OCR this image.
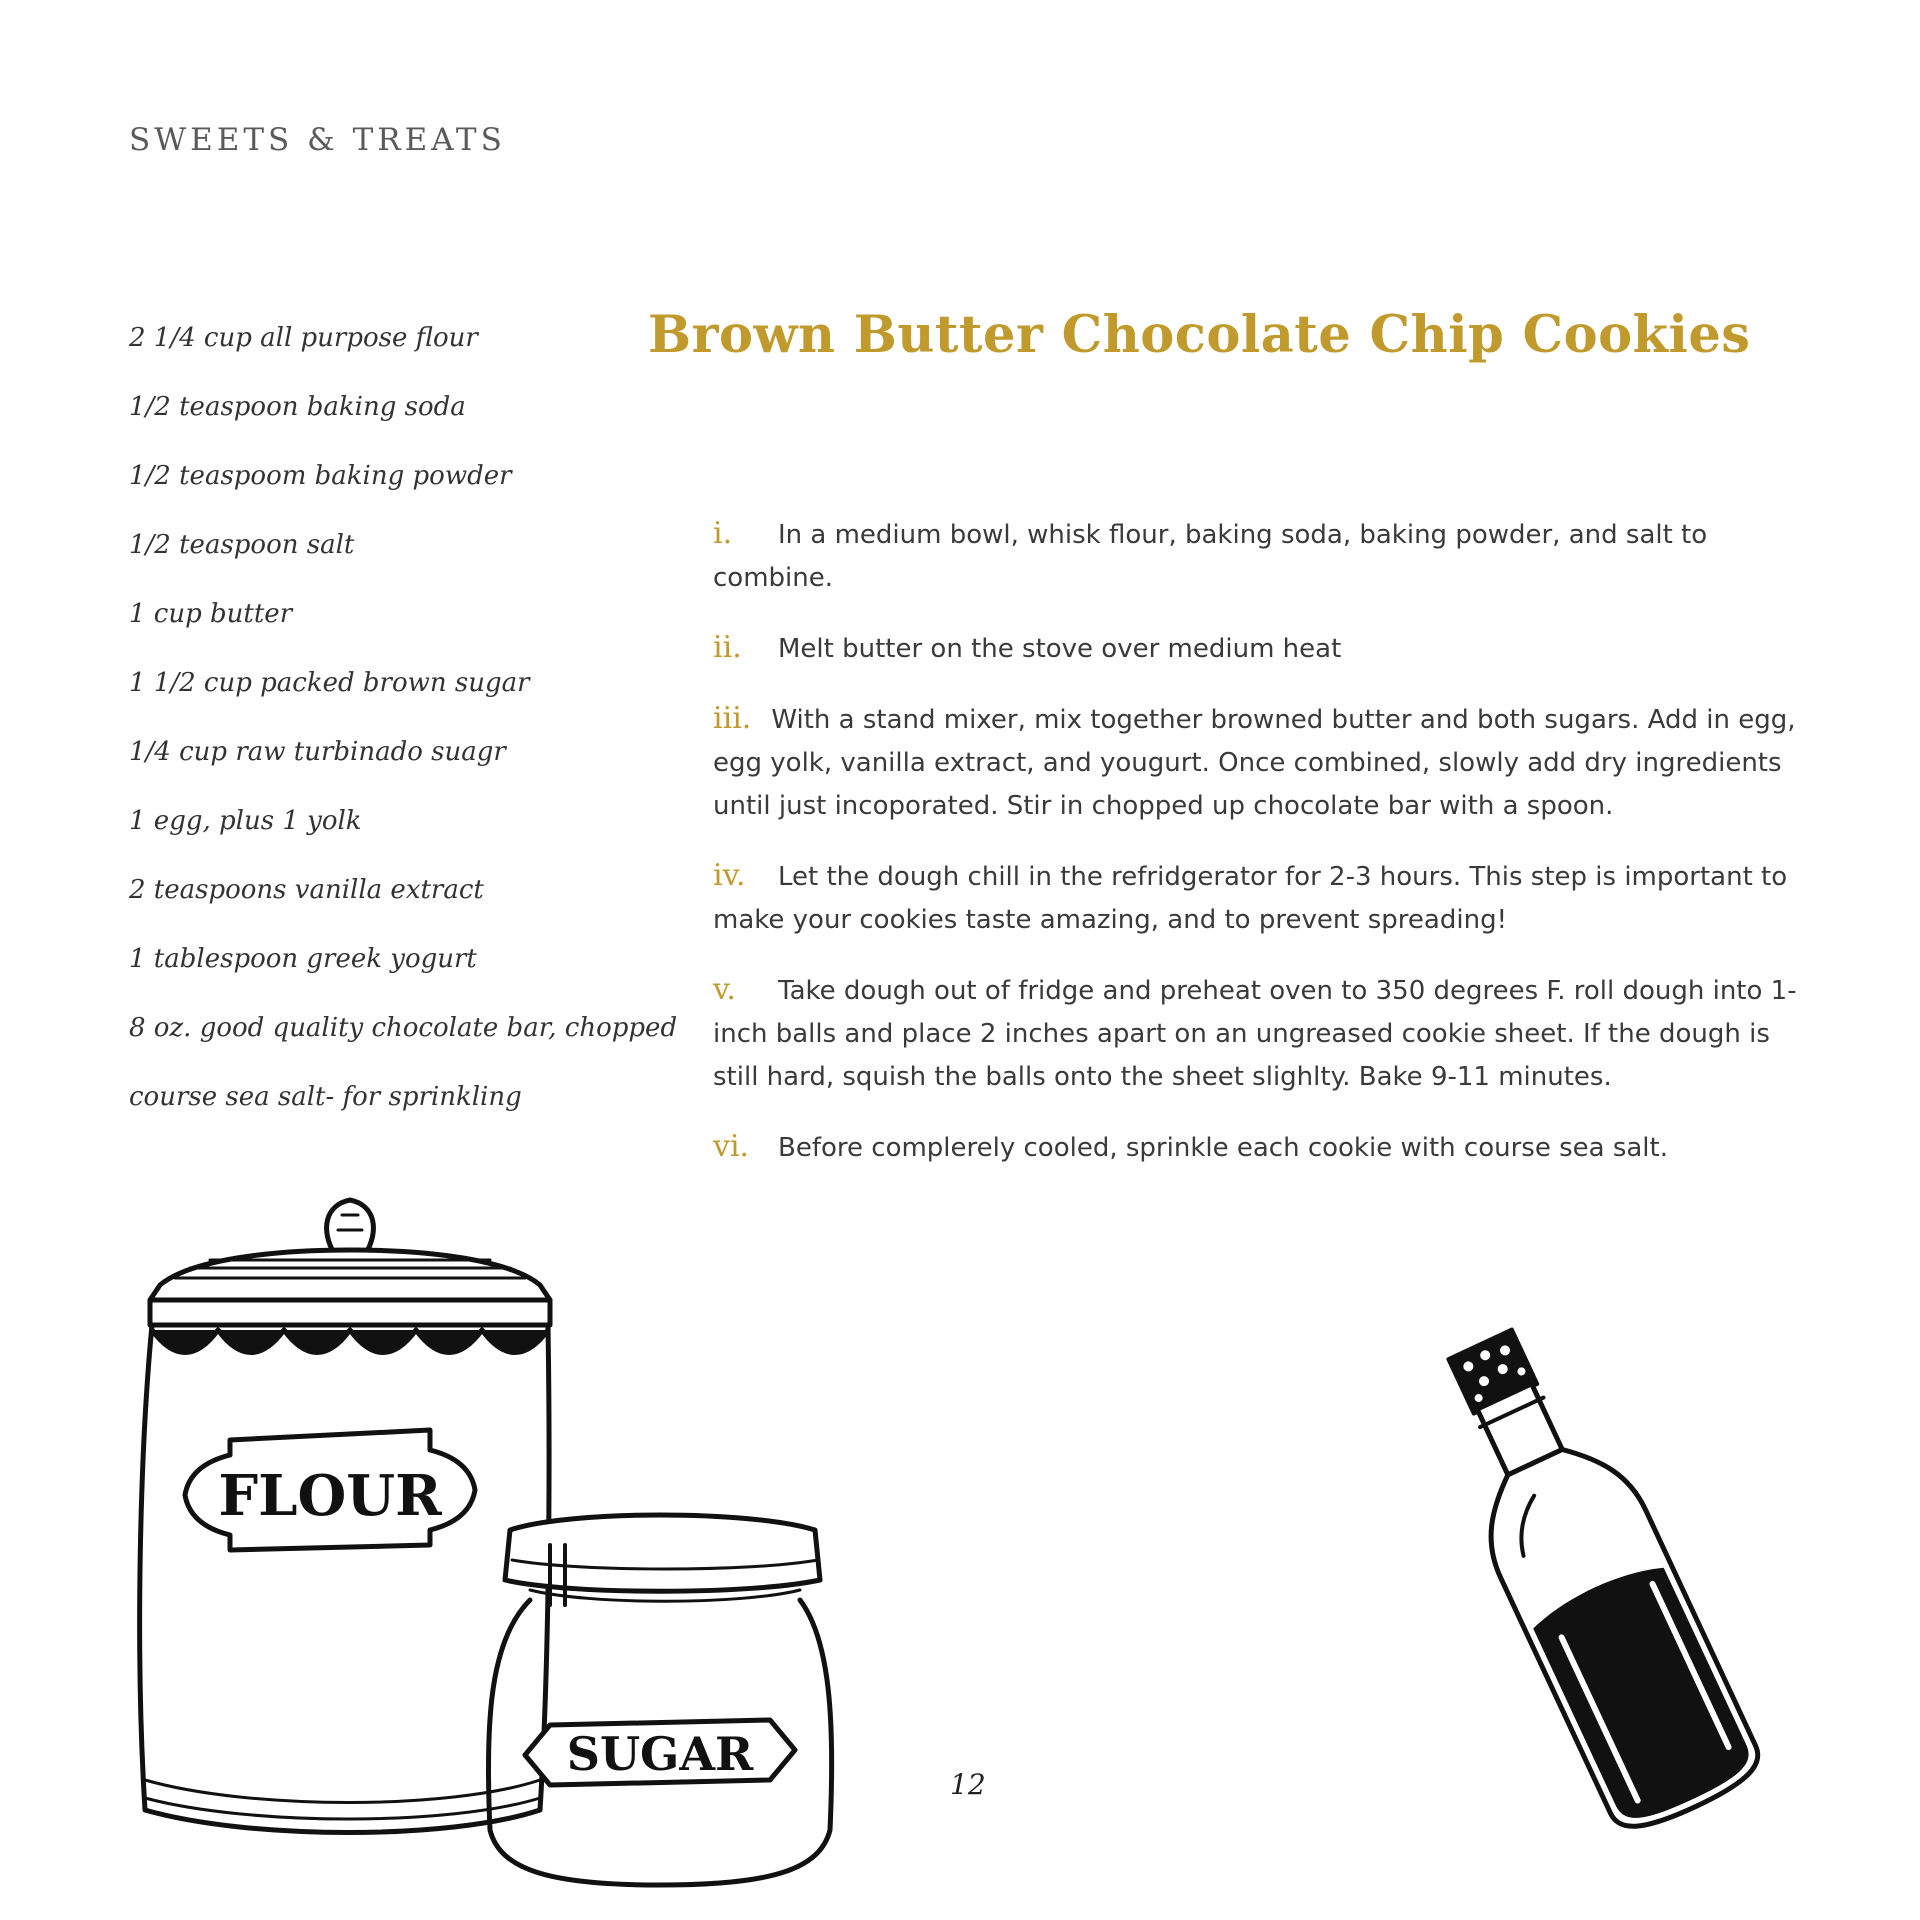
SWEETS & TREATS
2 1/4 cup all purpose flour
1/2 teaspoon baking soda
1/2 teaspoom baking powder
1/2 teaspoon salt
1 cup butter
1 1/2 cup packed brown sugar
1/4 cup raw turbinado suagr
1 egg, plus 1 yolk
2 teaspoons vanilla extract
1 tablespoon greek yogurt
8 oz. good quality chocolate bar, chopped
course sea salt- for sprinkling
Brown Butter Chocolate Chip Cookies
i. In a medium bowl, whisk flour, baking soda, baking powder, and salt to combine.
ii. Melt butter on the stove over medium heat
iii. With a stand mixer, mix together browned butter and both sugars. Add in egg, egg yolk, vanilla extract, and yougurt. Once combined, slowly add dry ingredients until just incoporated. Stir in chopped up chocolate bar with a spoon.
iv. Let the dough chill in the refridgerator for 2-3 hours. This step is important to make your cookies taste amazing, and to prevent spreading!
v. Take dough out of fridge and preheat oven to 350 degrees F. roll dough into 1-inch balls and place 2 inches apart on an ungreased cookie sheet. If the dough is still hard, squish the balls onto the sheet slighlty. Bake 9-11 minutes.
vi. Before complerely cooled, sprinkle each cookie with course sea salt.
FLOUR
SUGAR
12
